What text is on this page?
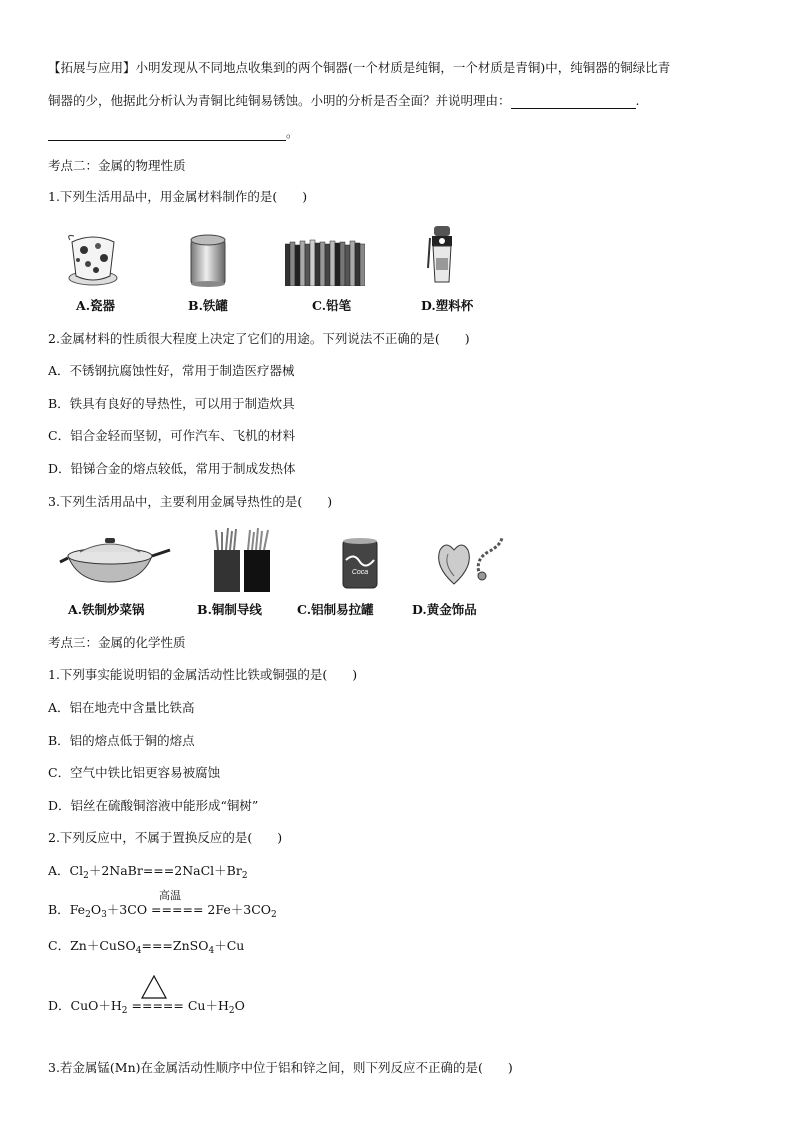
【拓展与应用】小明发现从不同地点收集到的两个铜器(一个材质是纯铜，一个材质是青铜)中，纯铜器的铜绿比青
铜器的少，他据此分析认为青铜比纯铜易锈蚀。小明的分析是否全面？并说明理由：	.
。
考点二：金属的物理性质
1.下列生活用品中，用金属材料制作的是(　　)
A.瓷器	B.铁罐	C.铅笔	D.塑料杯
2.金属材料的性质很大程度上决定了它们的用途。下列说法不正确的是(　　)
A．不锈钢抗腐蚀性好，常用于制造医疗器械
B．铁具有良好的导热性，可以用于制造炊具
C．铝合金轻而坚韧，可作汽车、飞机的材料
D．铅锑合金的熔点较低，常用于制成发热体
3.下列生活用品中，主要利用金属导热性的是(　　)
Coca
A.铁制炒菜锅	B.铜制导线	C.铝制易拉罐	D.黄金饰品
考点三：金属的化学性质
1.下列事实能说明铝的金属活动性比铁或铜强的是(　　)
A．铝在地壳中含量比铁高
B．铝的熔点低于铜的熔点
C．空气中铁比铝更容易被腐蚀
D．铝丝在硫酸铜溶液中能形成“铜树”
2.下列反应中，不属于置换反应的是(　　)
A．$Cl_2+2NaBr===2NaCl+Br_2$
B．$Fe_2O_3+3CO$
高温
===== $2Fe+3CO_2$
C．Zn＋CuSO$_4$===ZnSO$_4$＋Cu
D．$CuO+H_2$ ===== $Cu+H_2O$
3.若金属锰(Mn)在金属活动性顺序中位于铝和锌之间，则下列反应不正确的是(　　)
